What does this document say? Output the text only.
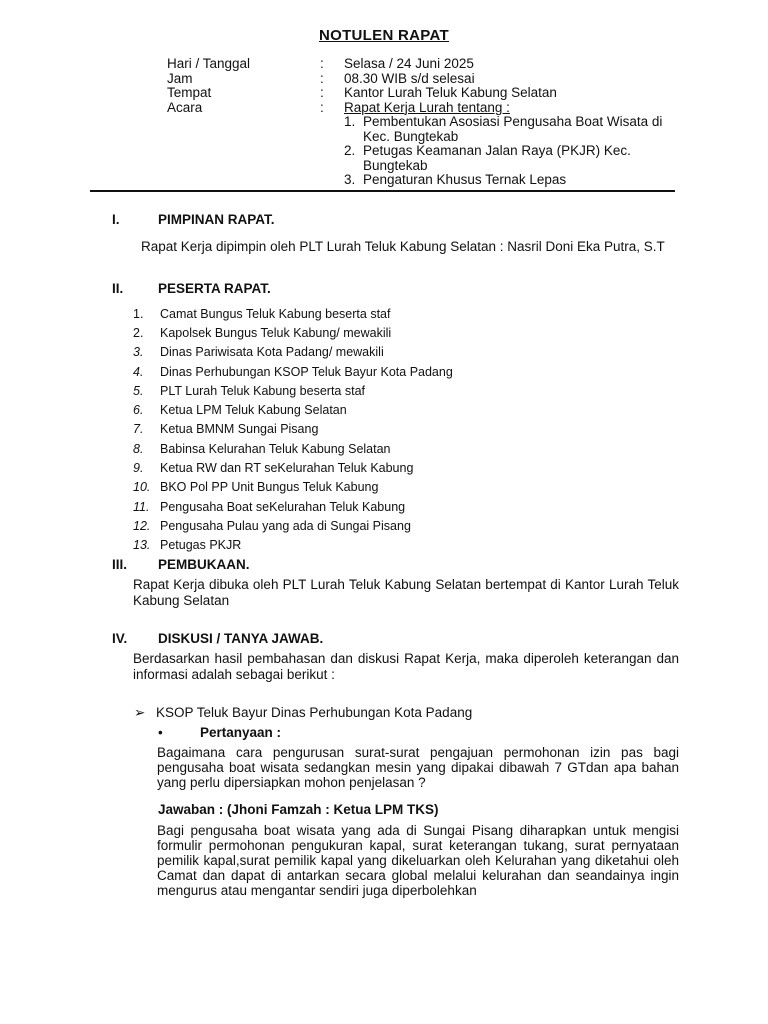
NOTULEN RAPAT
Hari / Tanggal	:	Selasa / 24 Juni 2025
Jam	:	08.30 WIB s/d selesai
Tempat	:	Kantor Lurah Teluk Kabung Selatan
Acara	:	Rapat Kerja Lurah tentang :
1. Pembentukan Asosiasi Pengusaha Boat Wisata di Kec. Bungtekab
2. Petugas Keamanan Jalan Raya (PKJR) Kec. Bungtekab
3. Pengaturan Khusus Ternak Lepas
I.	PIMPINAN RAPAT.
Rapat Kerja dipimpin oleh PLT Lurah Teluk Kabung Selatan : Nasril Doni Eka Putra, S.T
II.	PESERTA RAPAT.
1.	Camat Bungus Teluk Kabung beserta staf
2.	Kapolsek Bungus Teluk Kabung/ mewakili
3.	Dinas Pariwisata Kota Padang/ mewakili
4.	Dinas Perhubungan KSOP Teluk Bayur Kota Padang
5.	PLT Lurah Teluk Kabung beserta staf
6.	Ketua LPM Teluk Kabung Selatan
7.	Ketua BMNM Sungai Pisang
8.	Babinsa Kelurahan Teluk Kabung Selatan
9.	Ketua RW dan RT seKelurahan Teluk Kabung
10. BKO Pol PP Unit Bungus Teluk Kabung
11. Pengusaha Boat seKelurahan Teluk Kabung
12. Pengusaha Pulau yang ada di Sungai Pisang
13. Petugas PKJR
III.	PEMBUKAAN.
Rapat Kerja dibuka oleh PLT Lurah Teluk Kabung Selatan bertempat di Kantor Lurah Teluk Kabung Selatan
IV.	DISKUSI / TANYA JAWAB.
Berdasarkan hasil pembahasan dan diskusi Rapat Kerja, maka diperoleh keterangan dan informasi adalah sebagai berikut :
➢ KSOP Teluk Bayur Dinas Perhubungan Kota Padang
•	Pertanyaan :
Bagaimana cara pengurusan surat-surat pengajuan permohonan izin pas bagi pengusaha boat wisata sedangkan mesin yang dipakai dibawah 7 GTdan apa bahan yang perlu dipersiapkan mohon penjelasan ?
Jawaban : (Jhoni Famzah : Ketua LPM TKS)
Bagi pengusaha boat wisata yang ada di Sungai Pisang diharapkan untuk mengisi formulir permohonan pengukuran kapal, surat keterangan tukang, surat pernyataan pemilik kapal,surat pemilik kapal yang dikeluarkan oleh Kelurahan yang diketahui oleh Camat dan dapat di antarkan secara global melalui kelurahan dan seandainya ingin mengurus atau mengantar sendiri juga diperbolehkan
